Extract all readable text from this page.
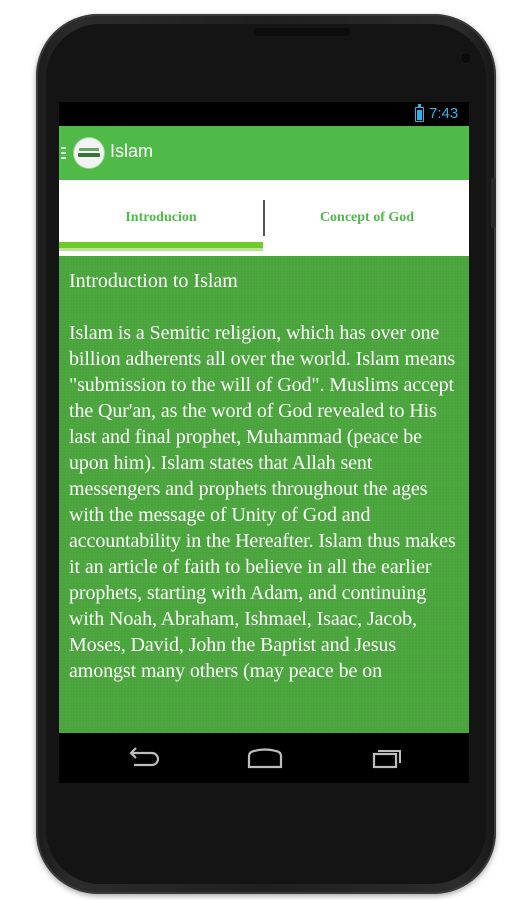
7:43
Islam
Introducion	Concept of God
Introduction to Islam
Islam is a Semitic religion, which has over one billion adherents all over the world. Islam means "submission to the will of God". Muslims accept the Qur'an, as the word of God revealed to His last and final prophet, Muhammad (peace be upon him). Islam states that Allah sent messengers and prophets throughout the ages with the message of Unity of God and accountability in the Hereafter. Islam thus makes it an article of faith to believe in all the earlier prophets, starting with Adam, and continuing with Noah, Abraham, Ishmael, Isaac, Jacob, Moses, David, John the Baptist and Jesus amongst many others (may peace be on
